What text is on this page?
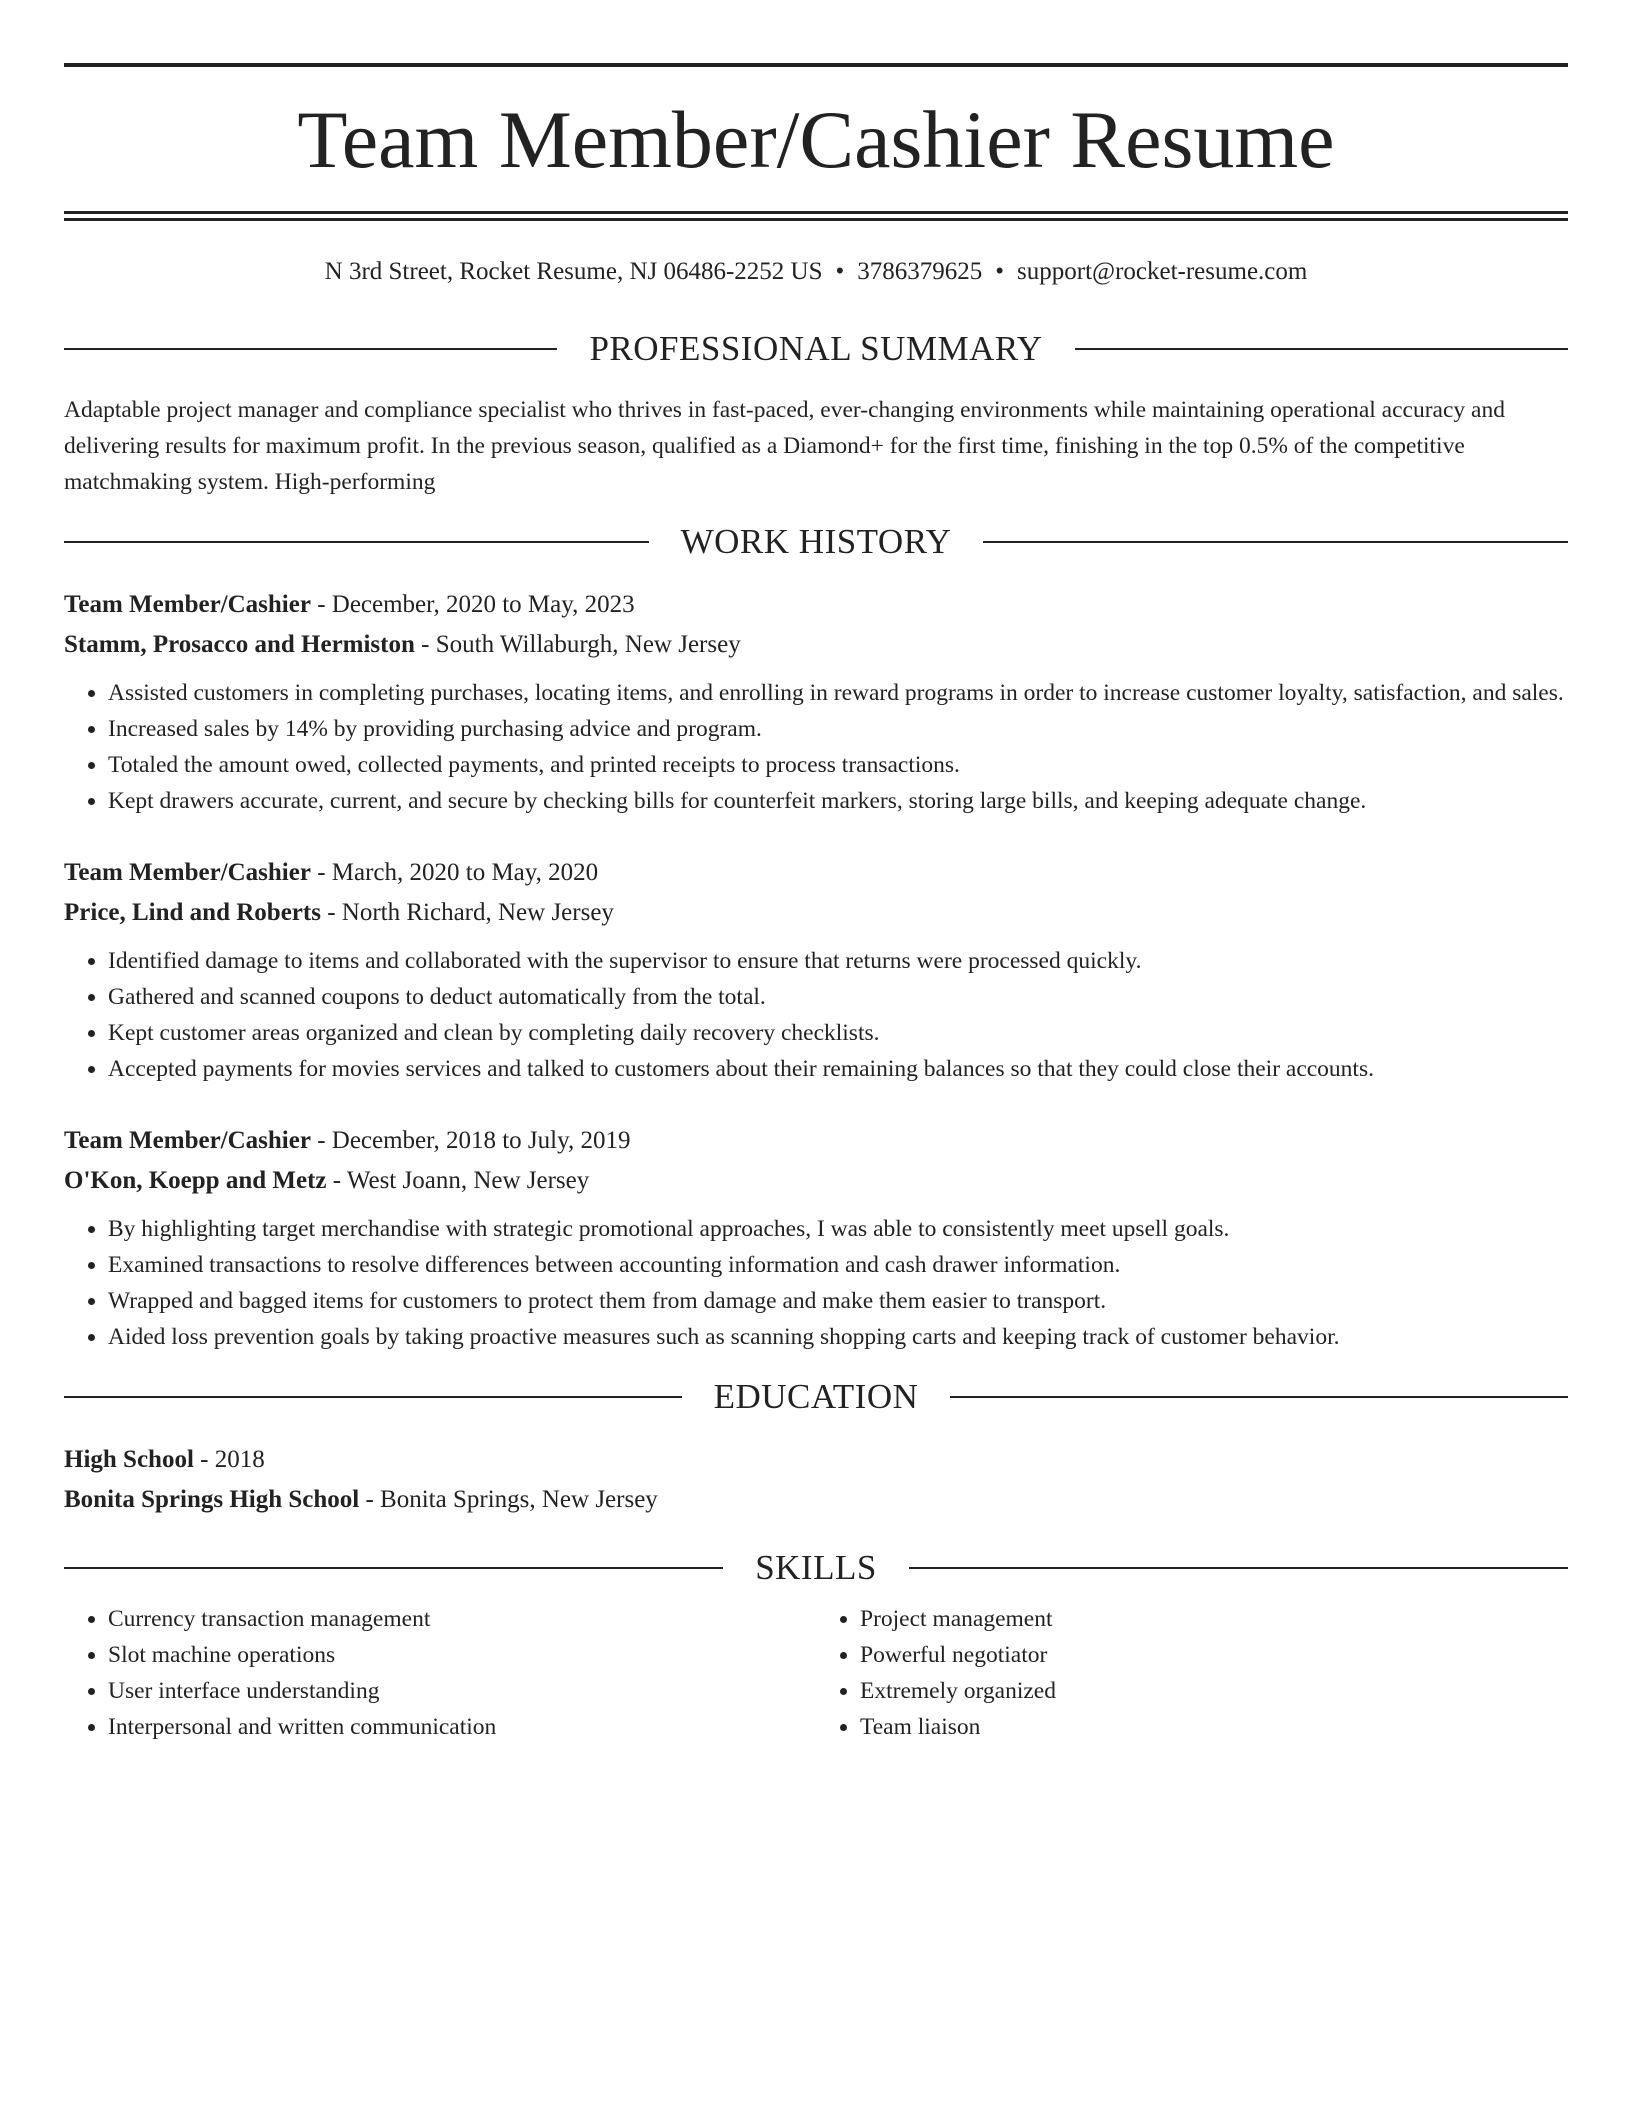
Team Member/Cashier Resume
N 3rd Street, Rocket Resume, NJ 06486-2252 US • 3786379625 • support@rocket-resume.com
PROFESSIONAL SUMMARY
Adaptable project manager and compliance specialist who thrives in fast-paced, ever-changing environments while maintaining operational accuracy and delivering results for maximum profit. In the previous season, qualified as a Diamond+ for the first time, finishing in the top 0.5% of the competitive matchmaking system. High-performing
WORK HISTORY
Team Member/Cashier - December, 2020 to May, 2023
Stamm, Prosacco and Hermiston - South Willaburgh, New Jersey
• Assisted customers in completing purchases, locating items, and enrolling in reward programs in order to increase customer loyalty, satisfaction, and sales.
• Increased sales by 14% by providing purchasing advice and program.
• Totaled the amount owed, collected payments, and printed receipts to process transactions.
• Kept drawers accurate, current, and secure by checking bills for counterfeit markers, storing large bills, and keeping adequate change.
Team Member/Cashier - March, 2020 to May, 2020
Price, Lind and Roberts - North Richard, New Jersey
• Identified damage to items and collaborated with the supervisor to ensure that returns were processed quickly.
• Gathered and scanned coupons to deduct automatically from the total.
• Kept customer areas organized and clean by completing daily recovery checklists.
• Accepted payments for movies services and talked to customers about their remaining balances so that they could close their accounts.
Team Member/Cashier - December, 2018 to July, 2019
O'Kon, Koepp and Metz - West Joann, New Jersey
• By highlighting target merchandise with strategic promotional approaches, I was able to consistently meet upsell goals.
• Examined transactions to resolve differences between accounting information and cash drawer information.
• Wrapped and bagged items for customers to protect them from damage and make them easier to transport.
• Aided loss prevention goals by taking proactive measures such as scanning shopping carts and keeping track of customer behavior.
EDUCATION
High School - 2018
Bonita Springs High School - Bonita Springs, New Jersey
SKILLS
• Currency transaction management
• Slot machine operations
• User interface understanding
• Interpersonal and written communication
• Project management
• Powerful negotiator
• Extremely organized
• Team liaison
